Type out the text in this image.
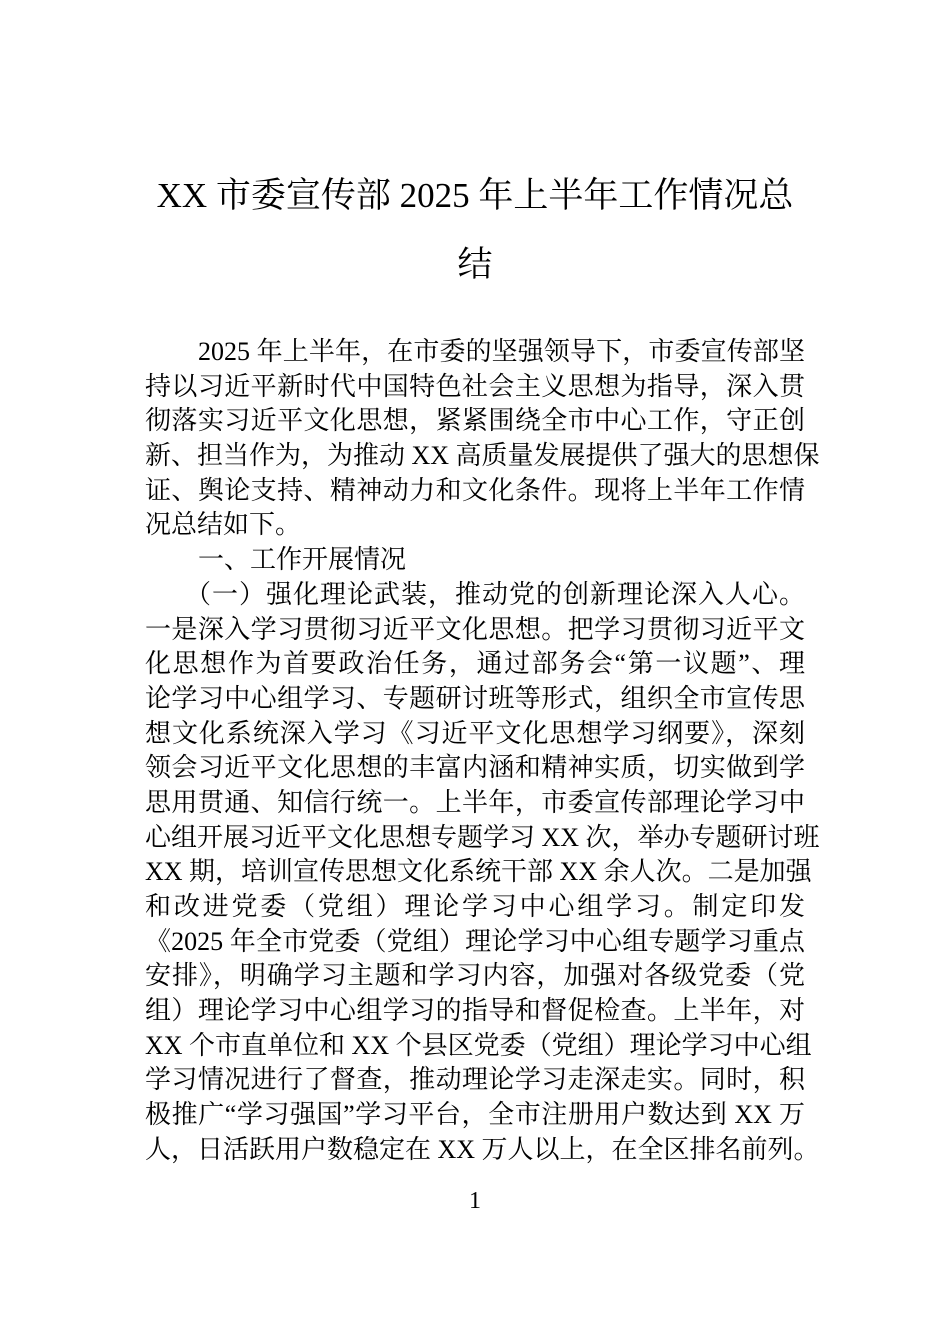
XX 市委宣传部 2025 年上半年工作情况总
结
2025 年上半年，在市委的坚强领导下，市委宣传部坚
持以习近平新时代中国特色社会主义思想为指导，深入贯
彻落实习近平文化思想，紧紧围绕全市中心工作，守正创
新、担当作为，为推动 XX 高质量发展提供了强大的思想保
证、舆论支持、精神动力和文化条件。现将上半年工作情
况总结如下。
一、工作开展情况
（一）强化理论武装，推动党的创新理论深入人心。
一是深入学习贯彻习近平文化思想。把学习贯彻习近平文
化思想作为首要政治任务，通过部务会“第一议题”、理
论学习中心组学习、专题研讨班等形式，组织全市宣传思
想文化系统深入学习《习近平文化思想学习纲要》，深刻
领会习近平文化思想的丰富内涵和精神实质，切实做到学
思用贯通、知信行统一。上半年，市委宣传部理论学习中
心组开展习近平文化思想专题学习 XX 次，举办专题研讨班
XX 期，培训宣传思想文化系统干部 XX 余人次。二是加强
和改进党委（党组）理论学习中心组学习。制定印发
《2025 年全市党委（党组）理论学习中心组专题学习重点
安排》，明确学习主题和学习内容，加强对各级党委（党
组）理论学习中心组学习的指导和督促检查。上半年，对
XX 个市直单位和 XX 个县区党委（党组）理论学习中心组
学习情况进行了督查，推动理论学习走深走实。同时，积
极推广“学习强国”学习平台，全市注册用户数达到 XX 万
人，日活跃用户数稳定在 XX 万人以上，在全区排名前列。
1
